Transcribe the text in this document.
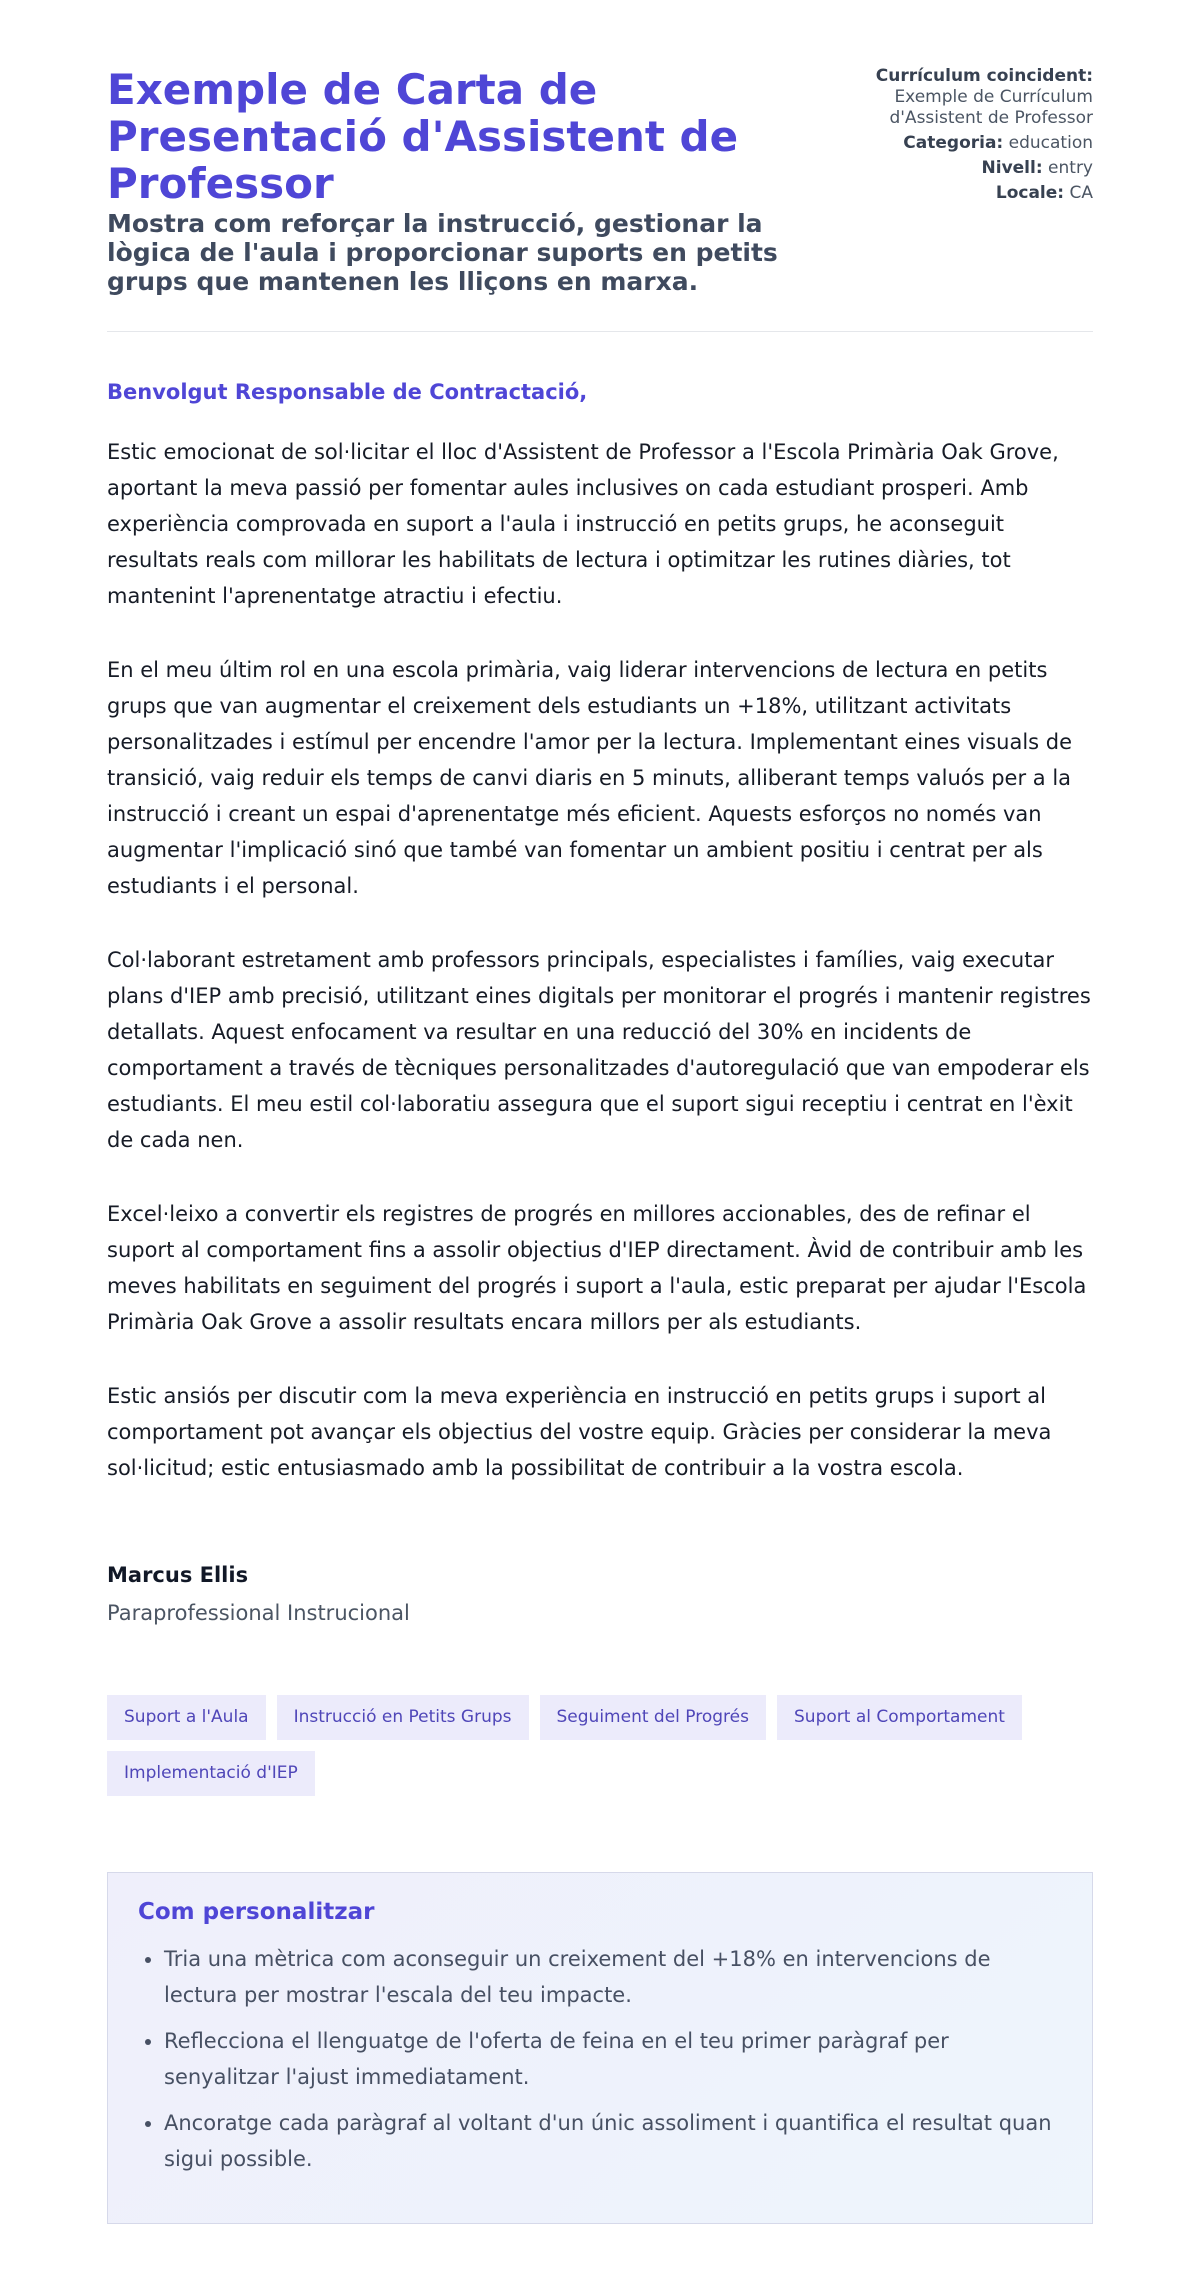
Exemple de Carta de Presentació d'Assistent de Professor

Mostra com reforçar la instrucció, gestionar la lògica de l'aula i proporcionar suports en petits grups que mantenen les lliçons en marxa.

Currículum coincident:
Exemple de Currículum d'Assistent de Professor
Categoria: education
Nivell: entry
Locale: CA
Benvolgut Responsable de Contractació,

Estic emocionat de sol·licitar el lloc d'Assistent de Professor a l'Escola Primària Oak Grove, aportant la meva passió per fomentar aules inclusives on cada estudiant prosperi. Amb experiència comprovada en suport a l'aula i instrucció en petits grups, he aconseguit resultats reals com millorar les habilitats de lectura i optimitzar les rutines diàries, tot mantenint l'aprenentatge atractiu i efectiu.

En el meu últim rol en una escola primària, vaig liderar intervencions de lectura en petits grups que van augmentar el creixement dels estudiants un +18%, utilitzant activitats personalitzades i estímul per encendre l'amor per la lectura. Implementant eines visuals de transició, vaig reduir els temps de canvi diaris en 5 minuts, alliberant temps valuós per a la instrucció i creant un espai d'aprenentatge més eficient. Aquests esforços no només van augmentar l'implicació sinó que també van fomentar un ambient positiu i centrat per als estudiants i el personal.

Col·laborant estretament amb professors principals, especialistes i famílies, vaig executar plans d'IEP amb precisió, utilitzant eines digitals per monitorar el progrés i mantenir registres detallats. Aquest enfocament va resultar en una reducció del 30% en incidents de comportament a través de tècniques personalitzades d'autoregulació que van empoderar els estudiants. El meu estil col·laboratiu assegura que el suport sigui receptiu i centrat en l'èxit de cada nen.

Excel·leixo a convertir els registres de progrés en millores accionables, des de refinar el suport al comportament fins a assolir objectius d'IEP directament. Àvid de contribuir amb les meves habilitats en seguiment del progrés i suport a l'aula, estic preparat per ajudar l'Escola Primària Oak Grove a assolir resultats encara millors per als estudiants.

Estic ansiós per discutir com la meva experiència en instrucció en petits grups i suport al comportament pot avançar els objectius del vostre equip. Gràcies per considerar la meva sol·licitud; estic entusiasmado amb la possibilitat de contribuir a la vostra escola.

Marcus Ellis

Paraprofessional Instrucional

Suport a l'Aula	Instrucció en Petits Grups	Seguiment del Progrés	Suport al Comportament
Implementació d'IEP
Com personalitzar
• Tria una mètrica com aconseguir un creixement del +18% en intervencions de lectura per mostrar l'escala del teu impacte.
• Reflecciona el llenguatge de l'oferta de feina en el teu primer paràgraf per senyalitzar l'ajust immediatament.
• Ancoratge cada paràgraf al voltant d'un únic assoliment i quantifica el resultat quan sigui possible.
